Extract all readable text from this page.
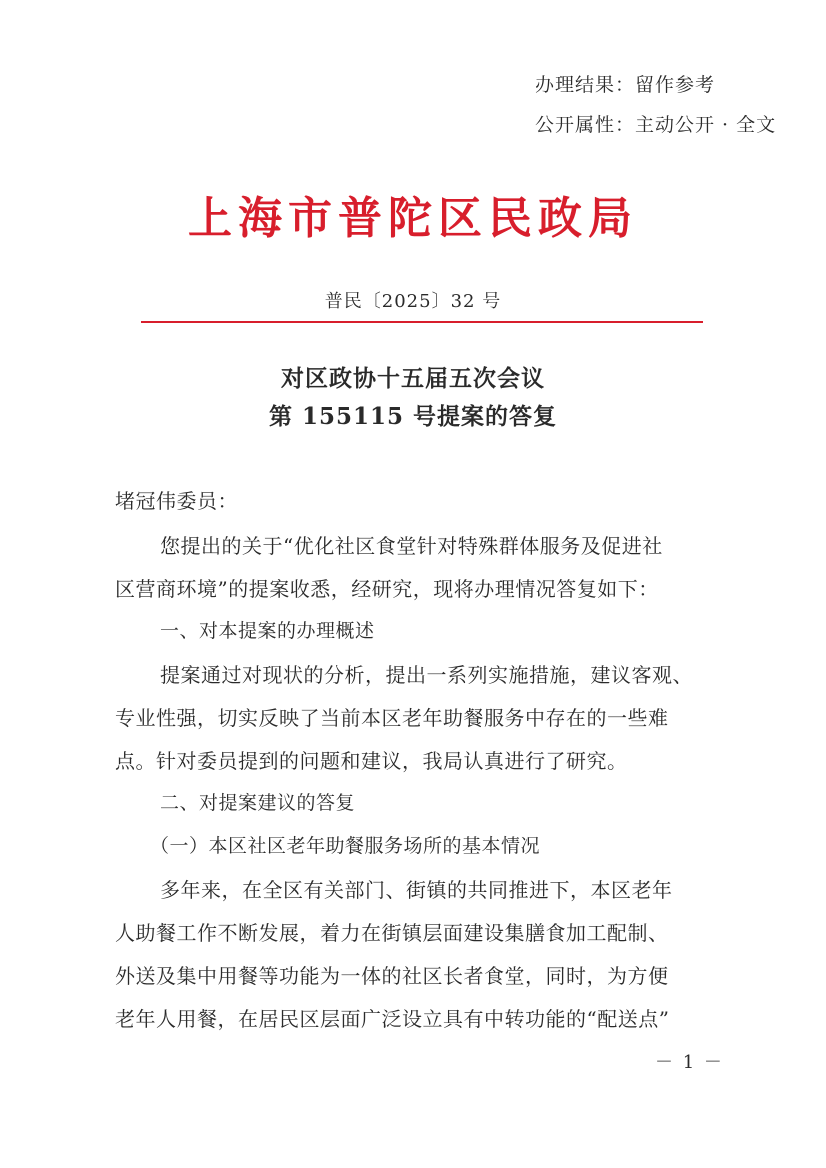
办理结果：留作参考
公开属性：主动公开 · 全文
上海市普陀区民政局
普民〔2025〕32 号
对区政协十五届五次会议
第 155115 号提案的答复
堵冠伟委员：
您提出的关于“优化社区食堂针对特殊群体服务及促进社
区营商环境”的提案收悉，经研究，现将办理情况答复如下：
一、对本提案的办理概述
提案通过对现状的分析，提出一系列实施措施，建议客观、
专业性强，切实反映了当前本区老年助餐服务中存在的一些难
点。针对委员提到的问题和建议，我局认真进行了研究。
二、对提案建议的答复
（一）本区社区老年助餐服务场所的基本情况
多年来，在全区有关部门、街镇的共同推进下，本区老年
人助餐工作不断发展，着力在街镇层面建设集膳食加工配制、
外送及集中用餐等功能为一体的社区长者食堂，同时，为方便
老年人用餐，在居民区层面广泛设立具有中转功能的“配送点”
－ 1 －
